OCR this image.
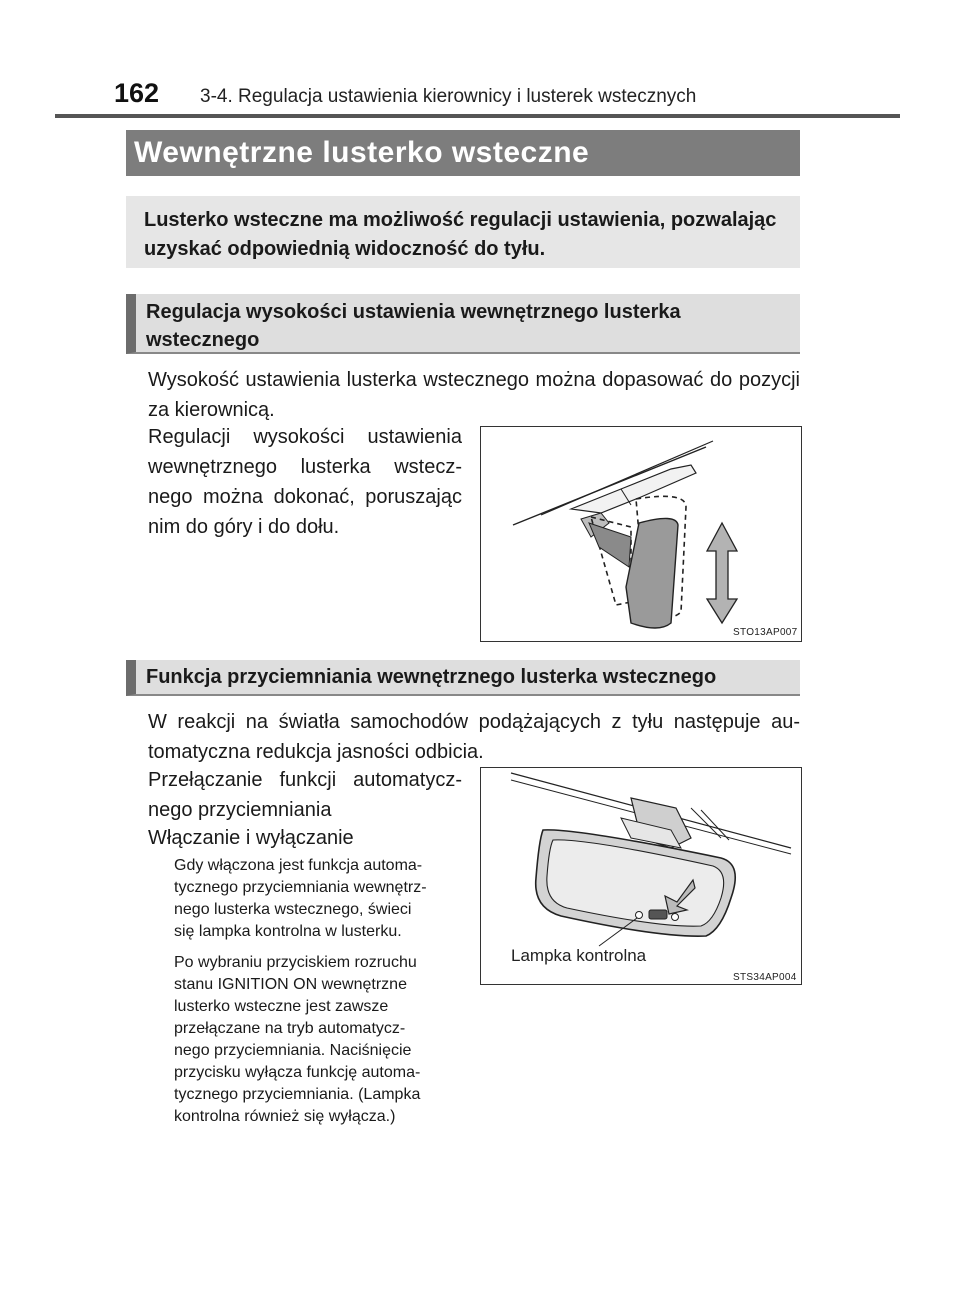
162 3-4. Regulacja ustawienia kierownicy i lusterek wstecznych
Wewnętrzne lusterko wsteczne
Lusterko wsteczne ma możliwość regulacji ustawienia, pozwalając uzyskać odpowiednią widoczność do tyłu.
Regulacja wysokości ustawienia wewnętrznego lusterka wstecznego
Wysokość ustawienia lusterka wstecznego można dopasować do pozycji
za kierownicą.
Regulacji wysokości ustawienia
wewnętrznego lusterka wstecz-
nego można dokonać, poruszając
nim do góry i do dołu.
STO13AP007
Funkcja przyciemniania wewnętrznego lusterka wstecznego
W reakcji na światła samochodów podążających z tyłu następuje au-
tomatyczna redukcja jasności odbicia.
Przełączanie funkcji automatycz-
nego przyciemniania
Włączanie i wyłączanie
Gdy włączona jest funkcja automa-
tycznego przyciemniania wewnętrz-
nego lusterka wstecznego, świeci
się lampka kontrolna w lusterku.
Po wybraniu przyciskiem rozruchu
stanu IGNITION ON wewnętrzne
lusterko wsteczne jest zawsze
przełączane na tryb automatycz-
nego przyciemniania. Naciśnięcie
przycisku wyłącza funkcję automa-
tycznego przyciemniania. (Lampka
kontrolna również się wyłącza.)
Lampka kontrolna
STS34AP004
